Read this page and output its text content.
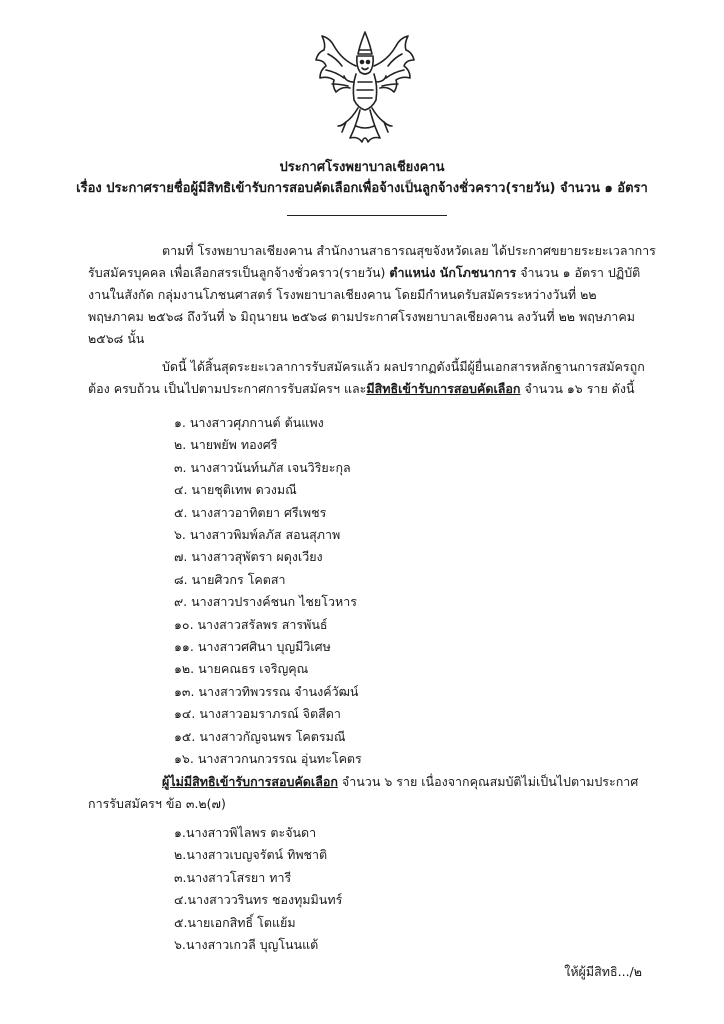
ประกาศโรงพยาบาลเชียงคาน
เรื่อง ประกาศรายชื่อผู้มีสิทธิเข้ารับการสอบคัดเลือกเพื่อจ้างเป็นลูกจ้างชั่วคราว(รายวัน) จำนวน ๑ อัตรา
ตามที่ โรงพยาบาลเชียงคาน สำนักงานสาธารณสุขจังหวัดเลย ได้ประกาศขยายระยะเวลาการรับสมัครบุคคล เพื่อเลือกสรรเป็นลูกจ้างชั่วคราว(รายวัน) ตำแหน่ง นักโภชนาการ จำนวน ๑ อัตรา ปฏิบัติงานในสังกัด กลุ่มงานโภชนศาสตร์ โรงพยาบาลเชียงคาน โดยมีกำหนดรับสมัครระหว่างวันที่ ๒๒ พฤษภาคม ๒๕๖๘ ถึงวันที่ ๖ มิถุนายน ๒๕๖๘ ตามประกาศโรงพยาบาลเชียงคาน ลงวันที่ ๒๒ พฤษภาคม ๒๕๖๘ นั้น
บัดนี้ ได้สิ้นสุดระยะเวลาการรับสมัครแล้ว ผลปรากฏดังนี้มีผู้ยื่นเอกสารหลักฐานการสมัครถูกต้อง ครบถ้วน เป็นไปตามประกาศการรับสมัครฯ และมีสิทธิเข้ารับการสอบคัดเลือก จำนวน ๑๖ ราย ดังนี้
๑. นางสาวศุภกานต์ ต้นแพง
๒. นายพยัพ ทองศรี
๓. นางสาวนันท์นภัส เจนวิริยะกุล
๔. นายชุติเทพ ดวงมณี
๕. นางสาวอาทิตยา ศรีเพชร
๖. นางสาวพิมพ์ลภัส สอนสุภาพ
๗. นางสาวสุพัตรา ผดุงเวียง
๘. นายศิวกร โคตสา
๙. นางสาวปรางค์ชนก ไชยโวหาร
๑๐. นางสาวสรัลพร สารพันธ์
๑๑. นางสาวศศินา บุญมีวิเศษ
๑๒. นายคณธร เจริญคุณ
๑๓. นางสาวทิพวรรณ จำนงค์วัฒน์
๑๔. นางสาวอมราภรณ์ จิตสีดา
๑๕. นางสาวกัญจนพร โคตรมณี
๑๖. นางสาวกนกวรรณ อุ่นทะโคตร
ผู้ไม่มีสิทธิเข้ารับการสอบคัดเลือก จำนวน ๖ ราย เนื่องจากคุณสมบัติไม่เป็นไปตามประกาศการรับสมัครฯ ข้อ ๓.๒(๗)
๑.นางสาวพิไลพร ตะจันดา
๒.นางสาวเบญจรัตน์ ทิพชาติ
๓.นางสาวโสรยา ทารี
๔.นางสาววรินทร ชองทุมมินทร์
๕.นายเอกสิทธิ์ โตแย้ม
๖.นางสาวเกวลี บุญโนนแต้
ให้ผู้มีสิทธิ.../๒
